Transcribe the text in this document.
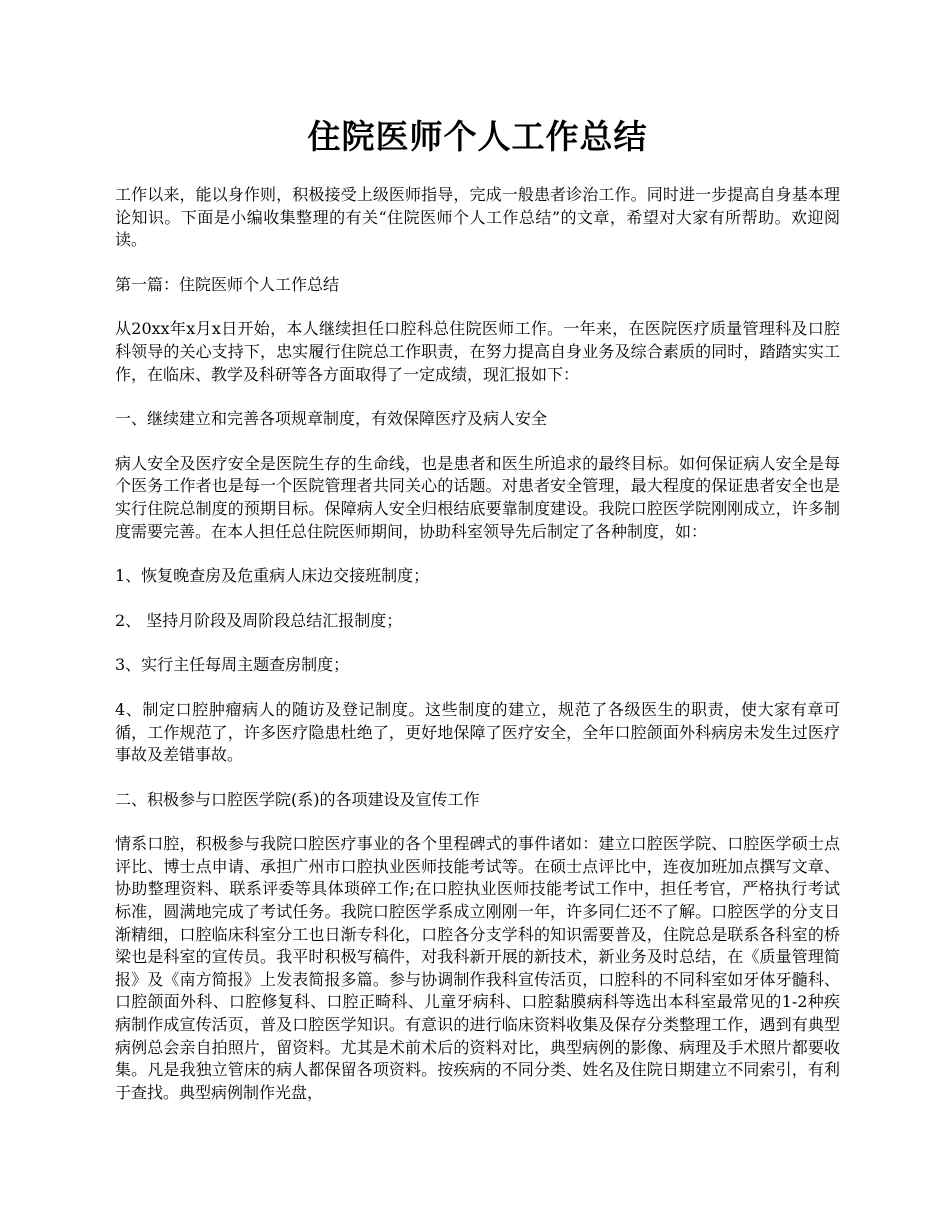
住院医师个人工作总结

工作以来，能以身作则，积极接受上级医师指导，完成一般患者诊治工作。同时进一步提高自身基本理论知识。下面是小编收集整理的有关“住院医师个人工作总结”的文章，希望对大家有所帮助。欢迎阅读。

第一篇：住院医师个人工作总结

从20xx年x月x日开始，本人继续担任口腔科总住院医师工作。一年来，在医院医疗质量管理科及口腔科领导的关心支持下，忠实履行住院总工作职责，在努力提高自身业务及综合素质的同时，踏踏实实工作，在临床、教学及科研等各方面取得了一定成绩，现汇报如下：

一、继续建立和完善各项规章制度，有效保障医疗及病人安全

病人安全及医疗安全是医院生存的生命线，也是患者和医生所追求的最终目标。如何保证病人安全是每个医务工作者也是每一个医院管理者共同关心的话题。对患者安全管理，最大程度的保证患者安全也是实行住院总制度的预期目标。保障病人安全归根结底要靠制度建设。我院口腔医学院刚刚成立，许多制度需要完善。在本人担任总住院医师期间，协助科室领导先后制定了各种制度，如：

1、恢复晚查房及危重病人床边交接班制度；

2、 坚持月阶段及周阶段总结汇报制度；

3、实行主任每周主题查房制度；

4、制定口腔肿瘤病人的随访及登记制度。这些制度的建立，规范了各级医生的职责，使大家有章可循，工作规范了，许多医疗隐患杜绝了，更好地保障了医疗安全，全年口腔颌面外科病房未发生过医疗事故及差错事故。

二、积极参与口腔医学院(系)的各项建设及宣传工作

情系口腔，积极参与我院口腔医疗事业的各个里程碑式的事件诸如：建立口腔医学院、口腔医学硕士点评比、博士点申请、承担广州市口腔执业医师技能考试等。在硕士点评比中，连夜加班加点撰写文章、协助整理资料、联系评委等具体琐碎工作;在口腔执业医师技能考试工作中，担任考官，严格执行考试标准，圆满地完成了考试任务。我院口腔医学系成立刚刚一年，许多同仁还不了解。口腔医学的分支日渐精细，口腔临床科室分工也日渐专科化，口腔各分支学科的知识需要普及，住院总是联系各科室的桥梁也是科室的宣传员。我平时积极写稿件，对我科新开展的新技术，新业务及时总结，在《质量管理简报》及《南方简报》上发表简报多篇。参与协调制作我科宣传活页，口腔科的不同科室如牙体牙髓科、口腔颌面外科、口腔修复科、口腔正畸科、儿童牙病科、口腔黏膜病科等选出本科室最常见的1-2种疾病制作成宣传活页，普及口腔医学知识。有意识的进行临床资料收集及保存分类整理工作，遇到有典型病例总会亲自拍照片，留资料。尤其是术前术后的资料对比，典型病例的影像、病理及手术照片都要收集。凡是我独立管床的病人都保留各项资料。按疾病的不同分类、姓名及住院日期建立不同索引，有利于查找。典型病例制作光盘，
